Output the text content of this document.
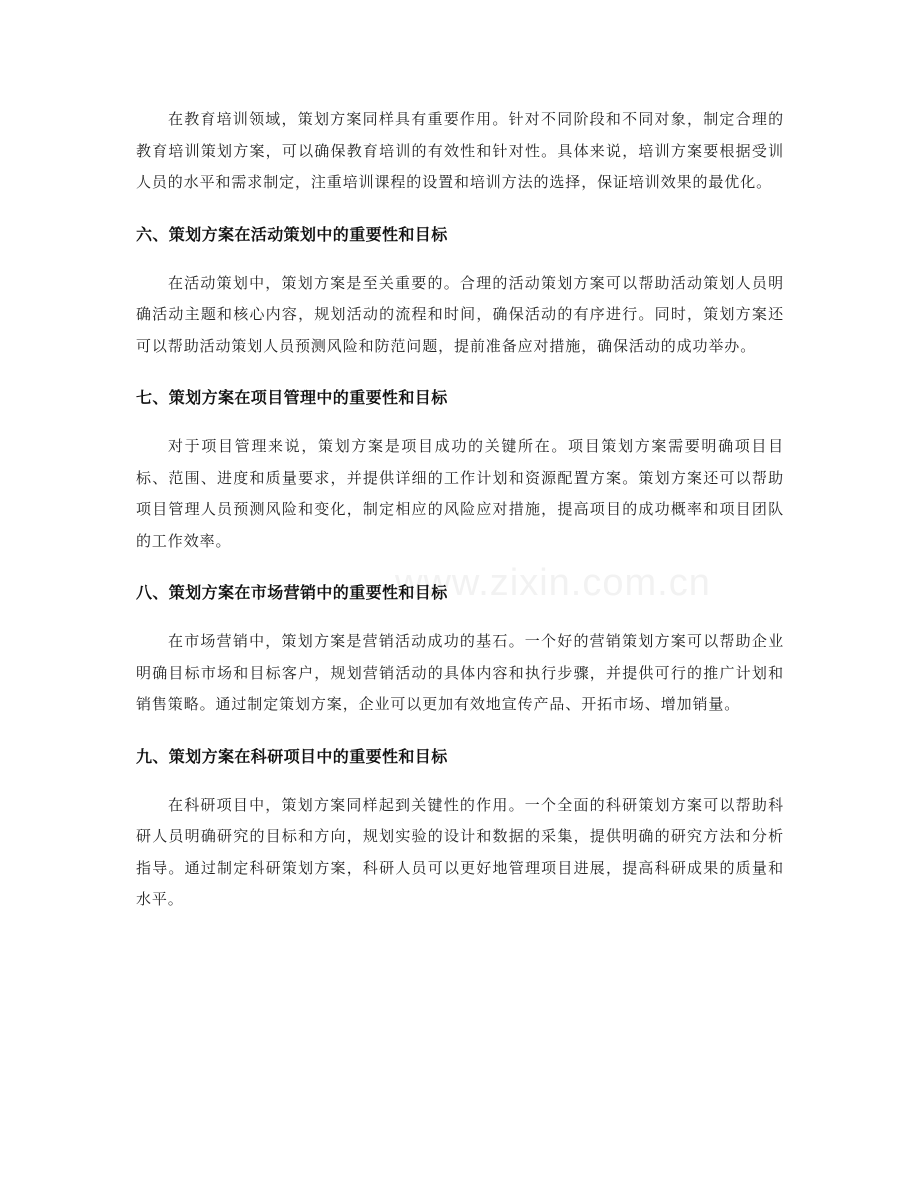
www.zixin.com.cn

在教育培训领域，策划方案同样具有重要作用。针对不同阶段和不同对象，制定合理的教育培训策划方案，可以确保教育培训的有效性和针对性。具体来说，培训方案要根据受训人员的水平和需求制定，注重培训课程的设置和培训方法的选择，保证培训效果的最优化。

六、策划方案在活动策划中的重要性和目标

在活动策划中，策划方案是至关重要的。合理的活动策划方案可以帮助活动策划人员明确活动主题和核心内容，规划活动的流程和时间，确保活动的有序进行。同时，策划方案还可以帮助活动策划人员预测风险和防范问题，提前准备应对措施，确保活动的成功举办。

七、策划方案在项目管理中的重要性和目标

对于项目管理来说，策划方案是项目成功的关键所在。项目策划方案需要明确项目目标、范围、进度和质量要求，并提供详细的工作计划和资源配置方案。策划方案还可以帮助项目管理人员预测风险和变化，制定相应的风险应对措施，提高项目的成功概率和项目团队的工作效率。

八、策划方案在市场营销中的重要性和目标

在市场营销中，策划方案是营销活动成功的基石。一个好的营销策划方案可以帮助企业明确目标市场和目标客户，规划营销活动的具体内容和执行步骤，并提供可行的推广计划和销售策略。通过制定策划方案，企业可以更加有效地宣传产品、开拓市场、增加销量。

九、策划方案在科研项目中的重要性和目标

在科研项目中，策划方案同样起到关键性的作用。一个全面的科研策划方案可以帮助科研人员明确研究的目标和方向，规划实验的设计和数据的采集，提供明确的研究方法和分析指导。通过制定科研策划方案，科研人员可以更好地管理项目进展，提高科研成果的质量和水平。
